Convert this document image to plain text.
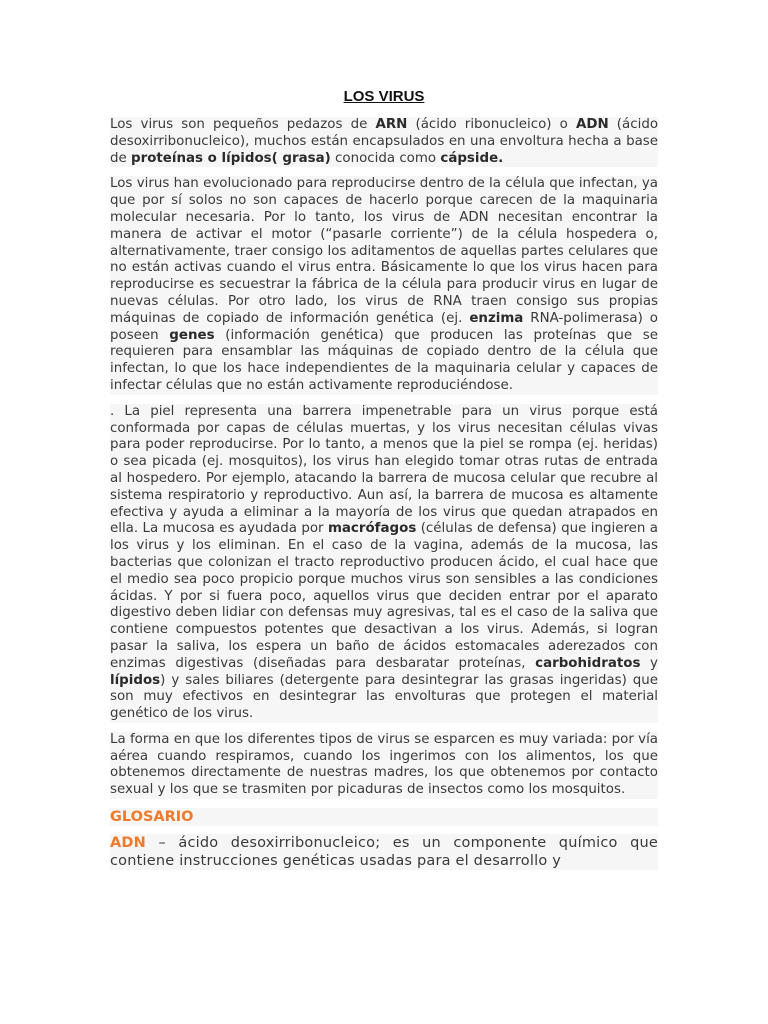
LOS VIRUS

Los virus son pequeños pedazos de ARN (ácido ribonucleico) o ADN (ácido desoxirribonucleico), muchos están encapsulados en una envoltura hecha a base de proteínas o lípidos( grasa) conocida como cápside.

Los virus han evolucionado para reproducirse dentro de la célula que infectan, ya que por sí solos no son capaces de hacerlo porque carecen de la maquinaria molecular necesaria. Por lo tanto, los virus de ADN necesitan encontrar la manera de activar el motor (“pasarle corriente”) de la célula hospedera o, alternativamente, traer consigo los aditamentos de aquellas partes celulares que no están activas cuando el virus entra. Básicamente lo que los virus hacen para reproducirse es secuestrar la fábrica de la célula para producir virus en lugar de nuevas células. Por otro lado, los virus de RNA traen consigo sus propias máquinas de copiado de información genética (ej. enzima RNA-polimerasa) o poseen genes (información genética) que producen las proteínas que se requieren para ensamblar las máquinas de copiado dentro de la célula que infectan, lo que los hace independientes de la maquinaria celular y capaces de infectar células que no están activamente reproduciéndose.

. La piel representa una barrera impenetrable para un virus porque está conformada por capas de células muertas, y los virus necesitan células vivas para poder reproducirse. Por lo tanto, a menos que la piel se rompa (ej. heridas) o sea picada (ej. mosquitos), los virus han elegido tomar otras rutas de entrada al hospedero. Por ejemplo, atacando la barrera de mucosa celular que recubre al sistema respiratorio y reproductivo. Aun así, la barrera de mucosa es altamente efectiva y ayuda a eliminar a la mayoría de los virus que quedan atrapados en ella. La mucosa es ayudada por macrófagos (células de defensa) que ingieren a los virus y los eliminan. En el caso de la vagina, además de la mucosa, las bacterias que colonizan el tracto reproductivo producen ácido, el cual hace que el medio sea poco propicio porque muchos virus son sensibles a las condiciones ácidas. Y por si fuera poco, aquellos virus que deciden entrar por el aparato digestivo deben lidiar con defensas muy agresivas, tal es el caso de la saliva que contiene compuestos potentes que desactivan a los virus. Además, si logran pasar la saliva, los espera un baño de ácidos estomacales aderezados con enzimas digestivas (diseñadas para desbaratar proteínas, carbohidratos y lípidos) y sales biliares (detergente para desintegrar las grasas ingeridas) que son muy efectivos en desintegrar las envolturas que protegen el material genético de los virus.

La forma en que los diferentes tipos de virus se esparcen es muy variada: por vía aérea cuando respiramos, cuando los ingerimos con los alimentos, los que obtenemos directamente de nuestras madres, los que obtenemos por contacto sexual y los que se trasmiten por picaduras de insectos como los mosquitos.

GLOSARIO

ADN – ácido desoxirribonucleico; es un componente químico que contiene instrucciones genéticas usadas para el desarrollo y
